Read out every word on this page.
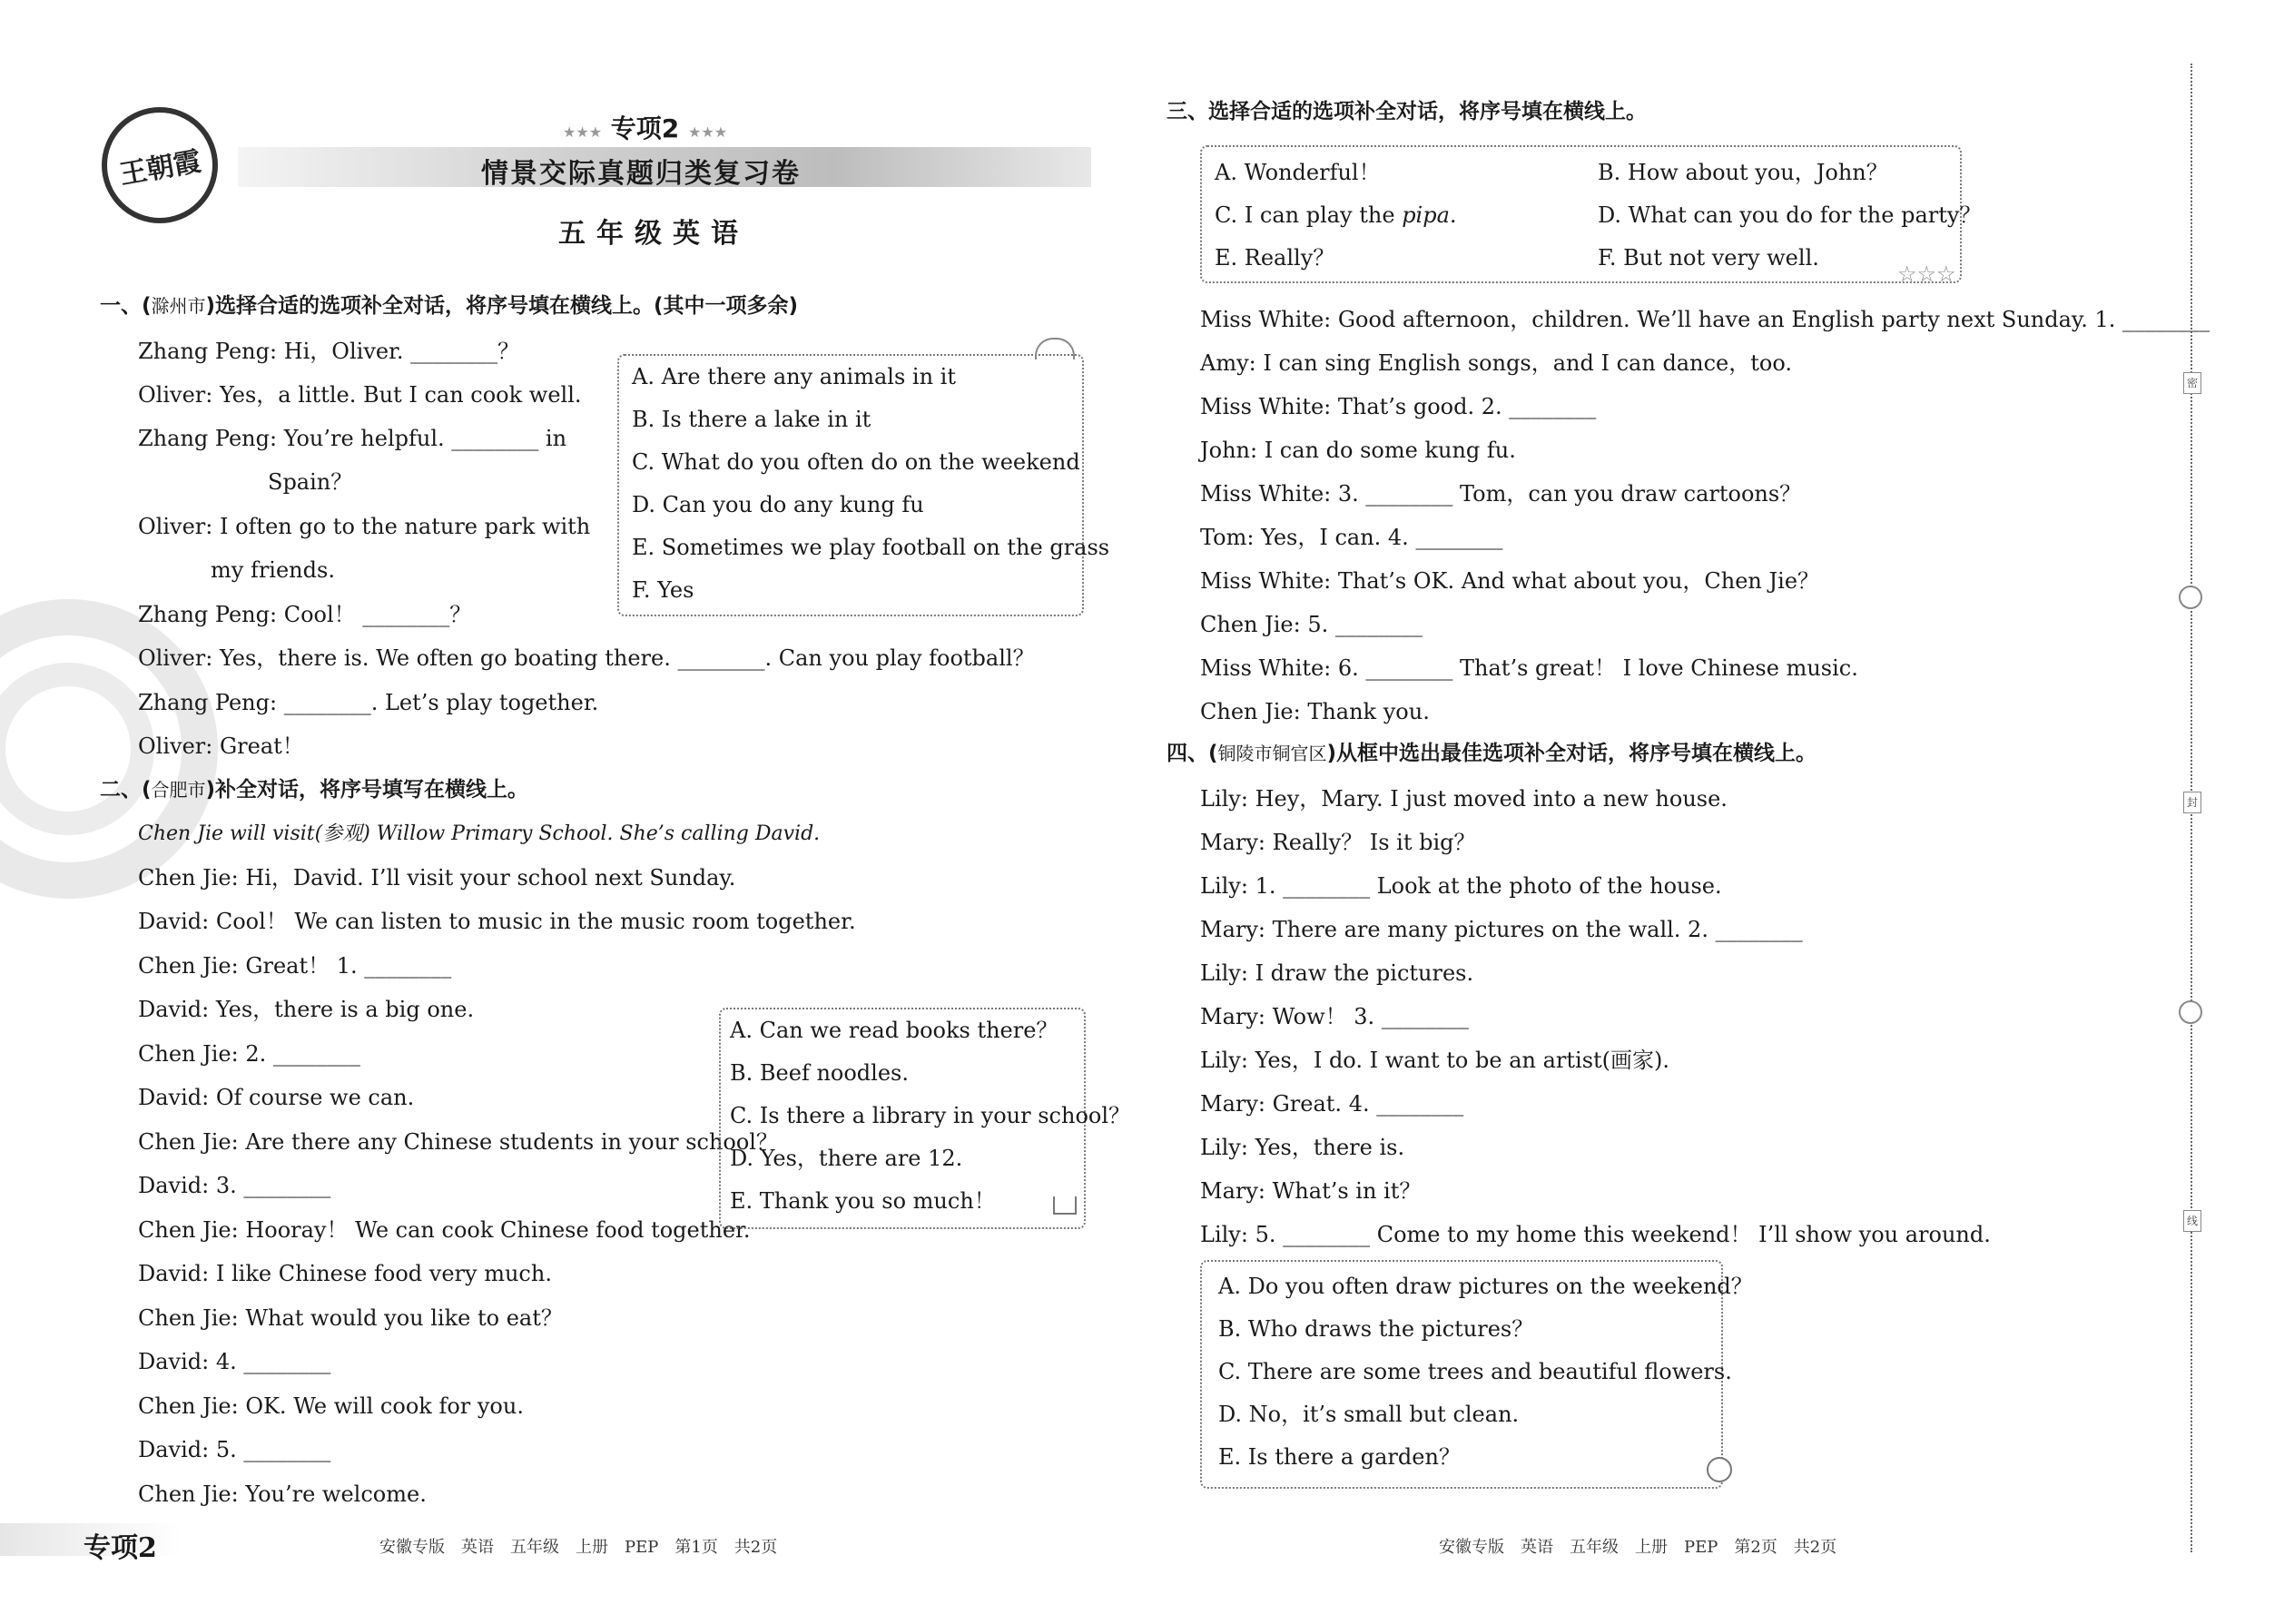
王朝霞
★★★ 专项2 ★★★
情景交际真题归类复习卷
五年级英语
一、(滁州市)选择合适的选项补全对话，将序号填在横线上。(其中一项多余)
Zhang Peng: Hi，Oliver. ________？
Oliver: Yes，a little. But I can cook well.
Zhang Peng: You’re helpful. ________ in
Spain？
Oliver: I often go to the nature park with
my friends.
Zhang Peng: Cool！ ________？
Oliver: Yes，there is. We often go boating there. ________. Can you play football？
Zhang Peng: ________. Let’s play together.
Oliver: Great！
A. Are there any animals in it
B. Is there a lake in it
C. What do you often do on the weekend
D. Can you do any kung fu
E. Sometimes we play football on the grass
F. Yes
二、(合肥市)补全对话，将序号填写在横线上。
Chen Jie will visit(参观) Willow Primary School. She’s calling David.
Chen Jie: Hi，David. I’ll visit your school next Sunday.
David: Cool！ We can listen to music in the music room together.
Chen Jie: Great！ 1. ________
David: Yes，there is a big one.
Chen Jie: 2. ________
David: Of course we can.
Chen Jie: Are there any Chinese students in your school？
David: 3. ________
Chen Jie: Hooray！ We can cook Chinese food together.
David: I like Chinese food very much.
Chen Jie: What would you like to eat？
David: 4. ________
Chen Jie: OK. We will cook for you.
David: 5. ________
Chen Jie: You’re welcome.
A. Can we read books there？
B. Beef noodles.
C. Is there a library in your school？
D. Yes，there are 12.
E. Thank you so much！
三、选择合适的选项补全对话，将序号填在横线上。
☆☆☆
A. Wonderful！	B. How about you，John？
C. I can play the pipa.	D. What can you do for the party？
E. Really？	F. But not very well.
Miss White: Good afternoon，children. We’ll have an English party next Sunday. 1. ________
Amy: I can sing English songs，and I can dance，too.
Miss White: That’s good. 2. ________
John: I can do some kung fu.
Miss White: 3. ________ Tom，can you draw cartoons？
Tom: Yes，I can. 4. ________
Miss White: That’s OK. And what about you，Chen Jie？
Chen Jie: 5. ________
Miss White: 6. ________ That’s great！ I love Chinese music.
Chen Jie: Thank you.
四、(铜陵市铜官区)从框中选出最佳选项补全对话，将序号填在横线上。
Lily: Hey，Mary. I just moved into a new house.
Mary: Really？ Is it big？
Lily: 1. ________ Look at the photo of the house.
Mary: There are many pictures on the wall. 2. ________
Lily: I draw the pictures.
Mary: Wow！ 3. ________
Lily: Yes，I do. I want to be an artist(画家).
Mary: Great. 4. ________
Lily: Yes，there is.
Mary: What’s in it？
Lily: 5. ________ Come to my home this weekend！ I’ll show you around.
A. Do you often draw pictures on the weekend？
B. Who draws the pictures？
C. There are some trees and beautiful flowers.
D. No，it’s small but clean.
E. Is there a garden？
密
封
线
专项2	安徽专版　英语　五年级　上册　PEP　第1页　共2页	安徽专版　英语　五年级　上册　PEP　第2页　共2页
